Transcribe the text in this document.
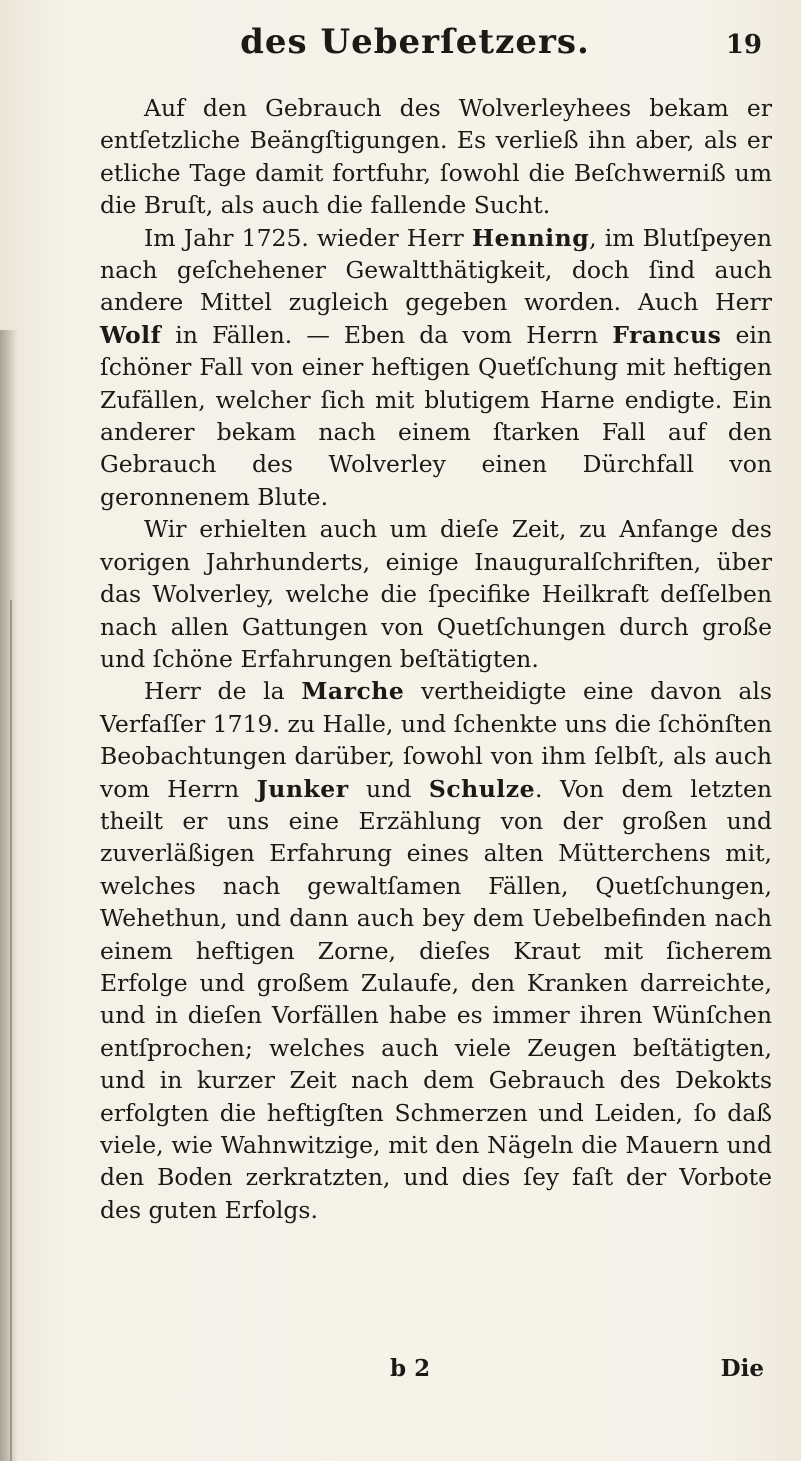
des Ueberſetzers.	19

Auf den Gebrauch des Wolverleyhees bekam er entſetzliche Beängſtigungen. Es verließ ihn aber, als er etliche Tage damit fortfuhr, ſowohl die Beſchwerniß um die Bruſt, als auch die fallende Sucht.

Im Jahr 1725. wieder Herr Henning, im Blutſpeyen nach geſchehener Gewaltthätigkeit, doch ſind auch andere Mittel zugleich gegeben worden. Auch Herr Wolf in Fällen. — Eben da vom Herrn Francus ein ſchöner Fall von einer heftigen Queťſchung mit heftigen Zufällen, welcher ſich mit blutigem Harne endigte. Ein anderer bekam nach einem ſtarken Fall auf den Gebrauch des Wolverley einen Dürchfall von geronnenem Blute.

Wir erhielten auch um dieſe Zeit, zu Anfange des vorigen Jahrhunderts, einige Inauguralſchriften, über das Wolverley, welche die ſpecifike Heilkraft deſſelben nach allen Gattungen von Quetſchungen durch große und ſchöne Erfahrungen beſtätigten.

Herr de la Marche vertheidigte eine davon als Verfaſſer 1719. zu Halle, und ſchenkte uns die ſchönſten Beobachtungen darüber, ſowohl von ihm ſelbſt, als auch vom Herrn Junker und Schulze. Von dem letzten theilt er uns eine Erzählung von der großen und zuverläßigen Erfahrung eines alten Mütterchens mit, welches nach gewaltſamen Fällen, Quetſchungen, Wehethun, und dann auch bey dem Uebelbefinden nach einem heftigen Zorne, dieſes Kraut mit ſicherem Erfolge und großem Zulaufe, den Kranken darreichte, und in dieſen Vorfällen habe es immer ihren Wünſchen entſprochen; welches auch viele Zeugen beſtätigten, und in kurzer Zeit nach dem Gebrauch des Dekokts erfolgten die heftigſten Schmerzen und Leiden, ſo daß viele, wie Wahnwitzige, mit den Nägeln die Mauern und den Boden zerkratzten, und dies ſey faſt der Vorbote des guten Erfolgs.

b 2	Die
